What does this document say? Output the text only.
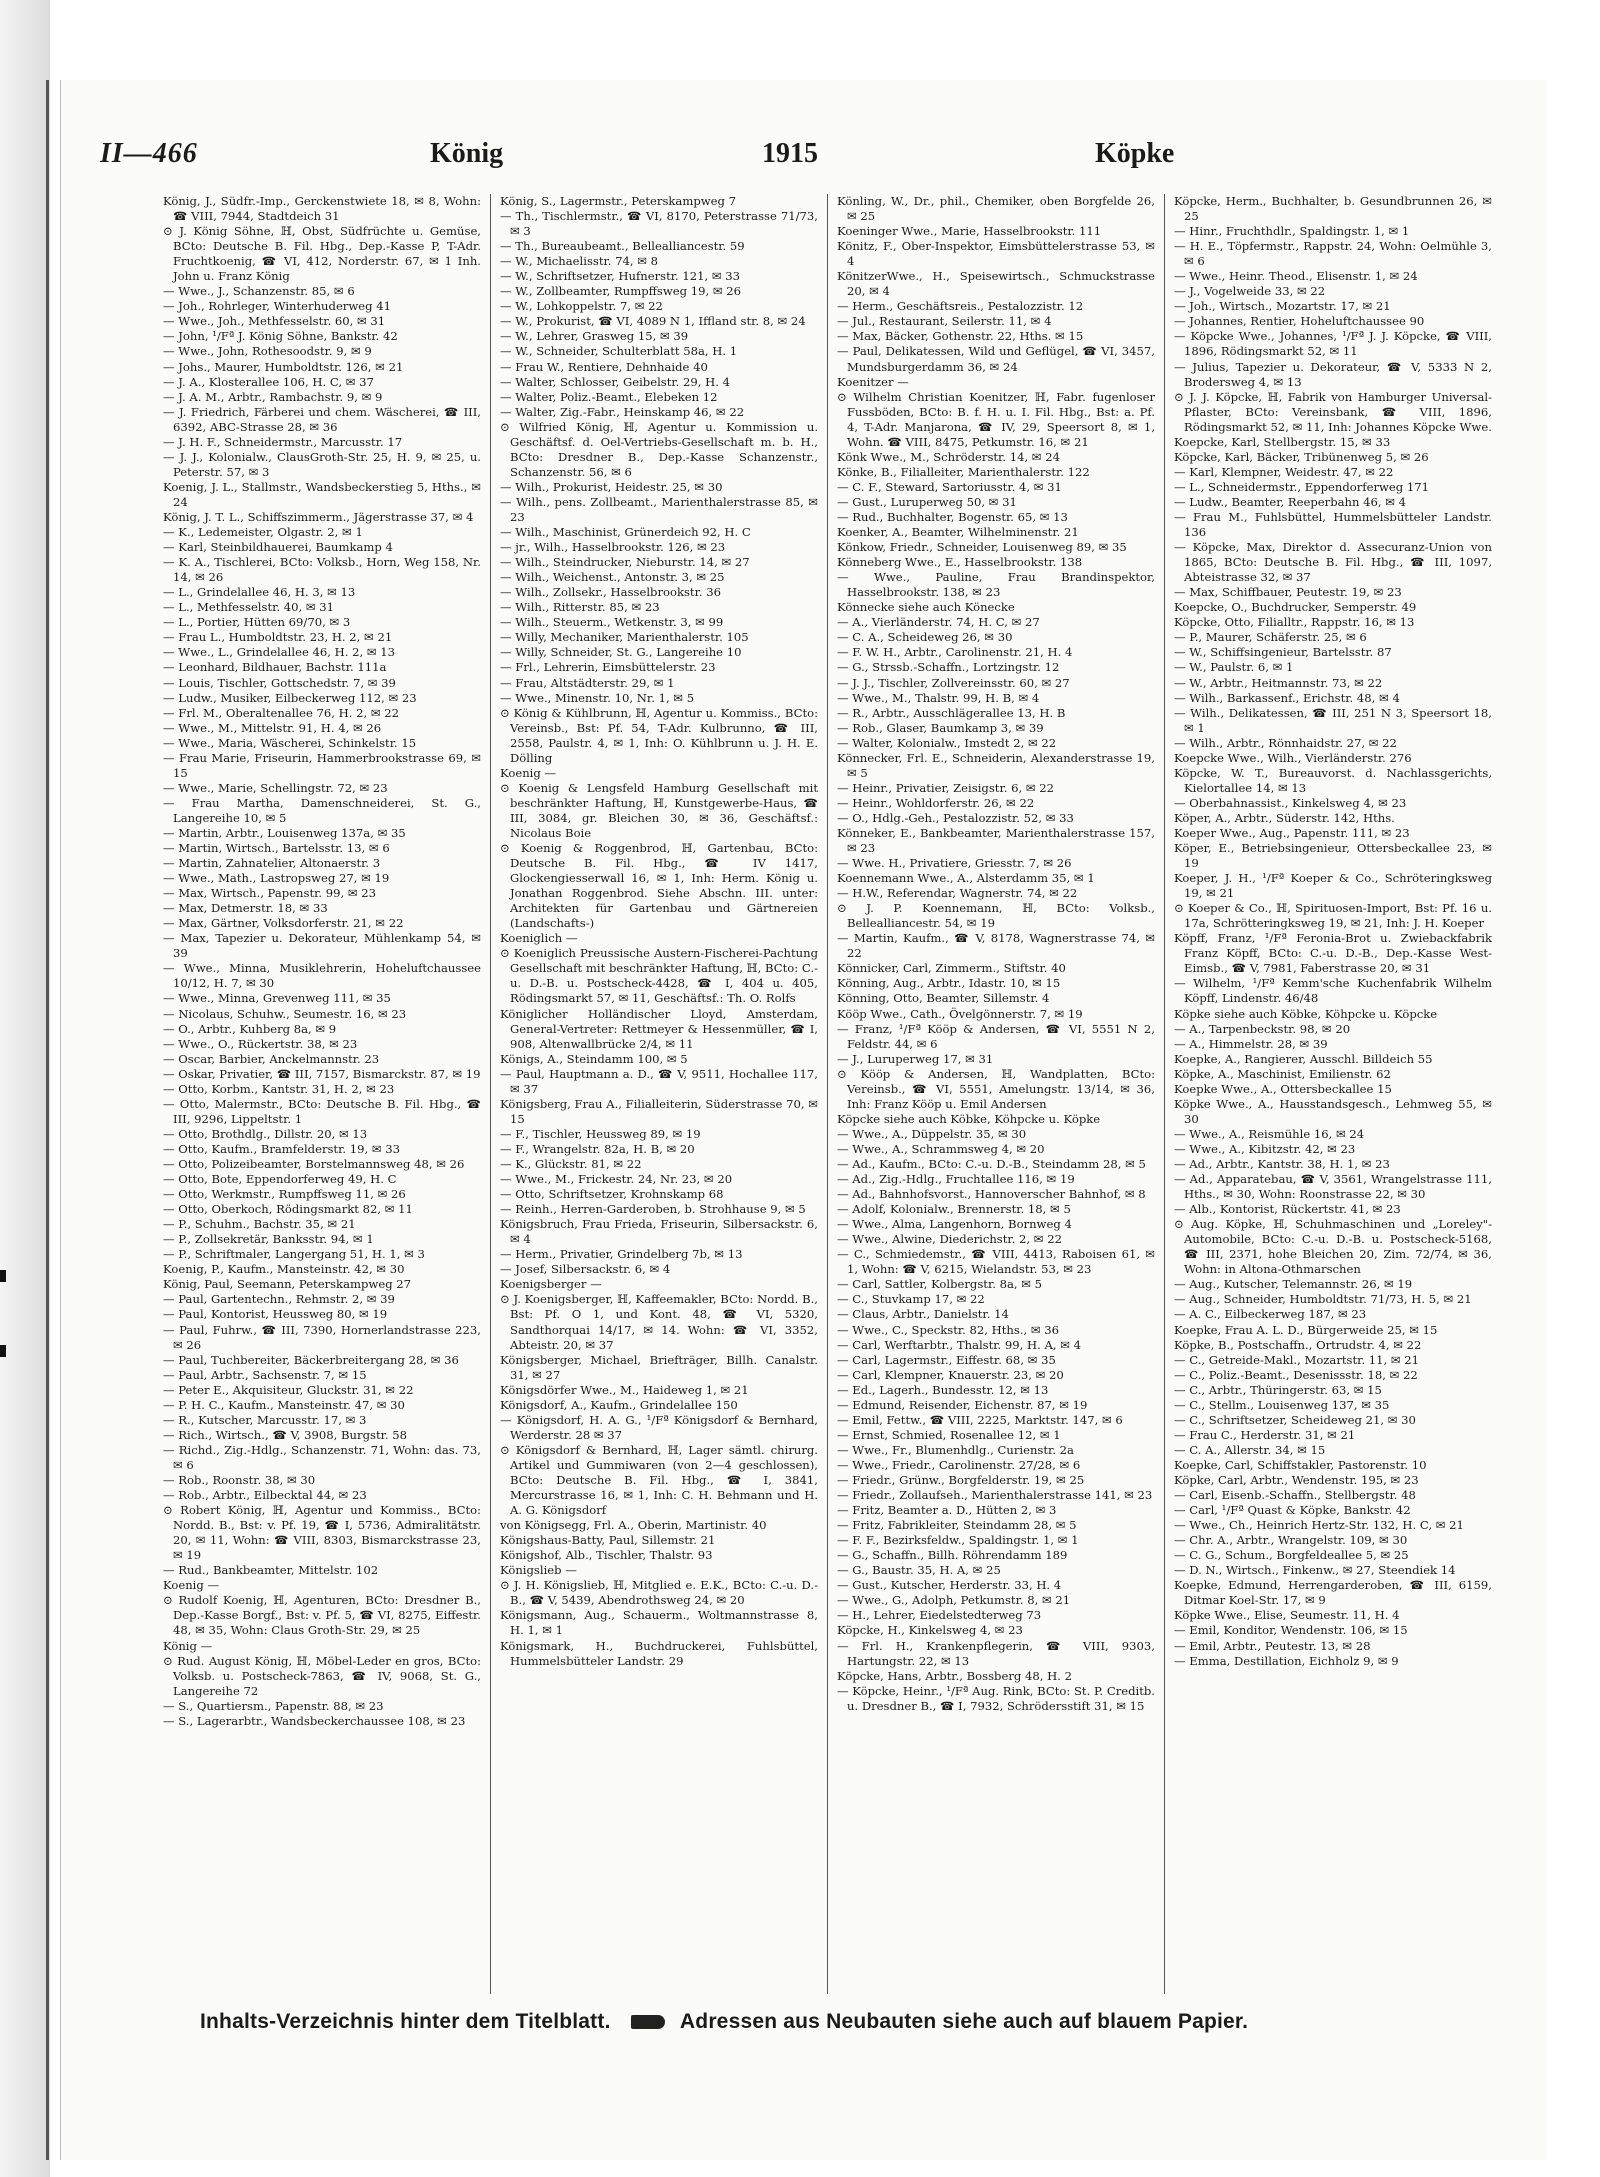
II—466	König	1915	Köpke

König, J., Südfr.-Imp., Gerckenstwiete 18, ✉ 8, Wohn: ☎ VIII, 7944, Stadtdeich 31

⊙ J. König Söhne, ℍ, Obst, Südfrüchte u. Gemüse, BCto: Deutsche B. Fil. Hbg., Dep.-Kasse P, T-Adr. Fruchtkoenig, ☎ VI, 412, Norderstr. 67, ✉ 1 Inh. John u. Franz König

— Wwe., J., Schanzenstr. 85, ✉ 6

— Joh., Rohrleger, Winterhuderweg 41

— Wwe., Joh., Methfesselstr. 60, ✉ 31

— John, ¹/Fª J. König Söhne, Bankstr. 42

— Wwe., John, Rothesoodstr. 9, ✉ 9

— Johs., Maurer, Humboldtstr. 126, ✉ 21

— J. A., Klosterallee 106, H. C, ✉ 37

— J. A. M., Arbtr., Rambachstr. 9, ✉ 9

— J. Friedrich, Färberei und chem. Wäscherei, ☎ III, 6392, ABC-Strasse 28, ✉ 36

— J. H. F., Schneidermstr., Marcusstr. 17

— J. J., Kolonialw., ClausGroth-Str. 25, H. 9, ✉ 25, u. Peterstr. 57, ✉ 3

Koenig, J. L., Stallmstr., Wandsbeckerstieg 5, Hths., ✉ 24

König, J. T. L., Schiffszimmerm., Jägerstrasse 37, ✉ 4

— K., Ledemeister, Olgastr. 2, ✉ 1

— Karl, Steinbildhauerei, Baumkamp 4

— K. A., Tischlerei, BCto: Volksb., Horn, Weg 158, Nr. 14, ✉ 26

— L., Grindelallee 46, H. 3, ✉ 13

— L., Methfesselstr. 40, ✉ 31

— L., Portier, Hütten 69/70, ✉ 3

— Frau L., Humboldtstr. 23, H. 2, ✉ 21

— Wwe., L., Grindelallee 46, H. 2, ✉ 13

— Leonhard, Bildhauer, Bachstr. 111a

— Louis, Tischler, Gottschedstr. 7, ✉ 39

— Ludw., Musiker, Eilbeckerweg 112, ✉ 23

— Frl. M., Oberaltenallee 76, H. 2, ✉ 22

— Wwe., M., Mittelstr. 91, H. 4, ✉ 26

— Wwe., Maria, Wäscherei, Schinkelstr. 15

— Frau Marie, Friseurin, Hammerbrookstrasse 69, ✉ 15

— Wwe., Marie, Schellingstr. 72, ✉ 23

— Frau Martha, Damenschneiderei, St. G., Langereihe 10, ✉ 5

— Martin, Arbtr., Louisenweg 137a, ✉ 35

— Martin, Wirtsch., Bartelsstr. 13, ✉ 6

— Martin, Zahnatelier, Altonaerstr. 3

— Wwe., Math., Lastropsweg 27, ✉ 19

— Max, Wirtsch., Papenstr. 99, ✉ 23

— Max, Detmerstr. 18, ✉ 33

— Max, Gärtner, Volksdorferstr. 21, ✉ 22

— Max, Tapezier u. Dekorateur, Mühlenkamp 54, ✉ 39

— Wwe., Minna, Musiklehrerin, Hoheluftchaussee 10/12, H. 7, ✉ 30

— Wwe., Minna, Grevenweg 111, ✉ 35

— Nicolaus, Schuhw., Seumestr. 16, ✉ 23

— O., Arbtr., Kuhberg 8a, ✉ 9

— Wwe., O., Rückertstr. 38, ✉ 23

— Oscar, Barbier, Anckelmannstr. 23

— Oskar, Privatier, ☎ III, 7157, Bismarckstr. 87, ✉ 19

— Otto, Korbm., Kantstr. 31, H. 2, ✉ 23

— Otto, Malermstr., BCto: Deutsche B. Fil. Hbg., ☎ III, 9296, Lippeltstr. 1

— Otto, Brothdlg., Dillstr. 20, ✉ 13

— Otto, Kaufm., Bramfelderstr. 19, ✉ 33

— Otto, Polizeibeamter, Borstelmannsweg 48, ✉ 26

— Otto, Bote, Eppendorferweg 49, H. C

— Otto, Werkmstr., Rumpffsweg 11, ✉ 26

— Otto, Oberkoch, Rödingsmarkt 82, ✉ 11

— P., Schuhm., Bachstr. 35, ✉ 21

— P., Zollsekretär, Banksstr. 94, ✉ 1

— P., Schriftmaler, Langergang 51, H. 1, ✉ 3

Koenig, P., Kaufm., Mansteinstr. 42, ✉ 30

König, Paul, Seemann, Peterskampweg 27

— Paul, Gartentechn., Rehmstr. 2, ✉ 39

— Paul, Kontorist, Heussweg 80, ✉ 19

— Paul, Fuhrw., ☎ III, 7390, Hornerlandstrasse 223, ✉ 26

— Paul, Tuchbereiter, Bäckerbreitergang 28, ✉ 36

— Paul, Arbtr., Sachsenstr. 7, ✉ 15

— Peter E., Akquisiteur, Gluckstr. 31, ✉ 22

— P. H. C., Kaufm., Mansteinstr. 47, ✉ 30

— R., Kutscher, Marcusstr. 17, ✉ 3

— Rich., Wirtsch., ☎ V, 3908, Burgstr. 58

— Richd., Zig.-Hdlg., Schanzenstr. 71, Wohn: das. 73, ✉ 6

— Rob., Roonstr. 38, ✉ 30

— Rob., Arbtr., Eilbecktal 44, ✉ 23

⊙ Robert König, ℍ, Agentur und Kommiss., BCto: Nordd. B., Bst: v. Pf. 19, ☎ I, 5736, Admiralitätstr. 20, ✉ 11, Wohn: ☎ VIII, 8303, Bismarckstrasse 23, ✉ 19

— Rud., Bankbeamter, Mittelstr. 102

Koenig —

⊙ Rudolf Koenig, ℍ, Agenturen, BCto: Dresdner B., Dep.-Kasse Borgf., Bst: v. Pf. 5, ☎ VI, 8275, Eiffestr. 48, ✉ 35, Wohn: Claus Groth-Str. 29, ✉ 25

König —

⊙ Rud. August König, ℍ, Möbel-Leder en gros, BCto: Volksb. u. Postscheck-7863, ☎ IV, 9068, St. G., Langereihe 72

— S., Quartiersm., Papenstr. 88, ✉ 23

— S., Lagerarbtr., Wandsbeckerchaussee 108, ✉ 23

König, S., Lagermstr., Peterskampweg 7

— Th., Tischlermstr., ☎ VI, 8170, Peterstrasse 71/73, ✉ 3

— Th., Bureaubeamt., Bellealliancestr. 59

— W., Michaelisstr. 74, ✉ 8

— W., Schriftsetzer, Hufnerstr. 121, ✉ 33

— W., Zollbeamter, Rumpffsweg 19, ✉ 26

— W., Lohkoppelstr. 7, ✉ 22

— W., Prokurist, ☎ VI, 4089 N 1, Iffland str. 8, ✉ 24

— W., Lehrer, Grasweg 15, ✉ 39

— W., Schneider, Schulterblatt 58a, H. 1

— Frau W., Rentiere, Dehnhaide 40

— Walter, Schlosser, Geibelstr. 29, H. 4

— Walter, Poliz.-Beamt., Elebeken 12

— Walter, Zig.-Fabr., Heinskamp 46, ✉ 22

⊙ Wilfried König, ℍ, Agentur u. Kommission u. Geschäftsf. d. Oel-Vertriebs-Gesellschaft m. b. H., BCto: Dresdner B., Dep.-Kasse Schanzenstr., Schanzenstr. 56, ✉ 6

— Wilh., Prokurist, Heidestr. 25, ✉ 30

— Wilh., pens. Zollbeamt., Marienthalerstrasse 85, ✉ 23

— Wilh., Maschinist, Grünerdeich 92, H. C

— jr., Wilh., Hasselbrookstr. 126, ✉ 23

— Wilh., Steindrucker, Nieburstr. 14, ✉ 27

— Wilh., Weichenst., Antonstr. 3, ✉ 25

— Wilh., Zollsekr., Hasselbrookstr. 36

— Wilh., Ritterstr. 85, ✉ 23

— Wilh., Steuerm., Wetkenstr. 3, ✉ 99

— Willy, Mechaniker, Marienthalerstr. 105

— Willy, Schneider, St. G., Langereihe 10

— Frl., Lehrerin, Eimsbüttelerstr. 23

— Frau, Altstädterstr. 29, ✉ 1

— Wwe., Minenstr. 10, Nr. 1, ✉ 5

⊙ König & Kühlbrunn, ℍ, Agentur u. Kommiss., BCto: Vereinsb., Bst: Pf. 54, T-Adr. Kulbrunno, ☎ III, 2558, Paulstr. 4, ✉ 1, Inh: O. Kühlbrunn u. J. H. E. Dölling

Koenig —

⊙ Koenig & Lengsfeld Hamburg Gesellschaft mit beschränkter Haftung, ℍ, Kunstgewerbe-Haus, ☎ III, 3084, gr. Bleichen 30, ✉ 36, Geschäftsf.: Nicolaus Boie

⊙ Koenig & Roggenbrod, ℍ, Gartenbau, BCto: Deutsche B. Fil. Hbg., ☎ IV 1417, Glockengiesserwall 16, ✉ 1, Inh: Herm. König u. Jonathan Roggenbrod. Siehe Abschn. III. unter: Architekten für Gartenbau und Gärtnereien (Landschafts-)

Koeniglich —

⊙ Koeniglich Preussische Austern-Fischerei-Pachtung Gesellschaft mit beschränkter Haftung, ℍ, BCto: C.-u. D.-B. u. Postscheck-4428, ☎ I, 404 u. 405, Rödingsmarkt 57, ✉ 11, Geschäftsf.: Th. O. Rolfs

Königlicher Holländischer Lloyd, Amsterdam, General-Vertreter: Rettmeyer & Hessenmüller, ☎ I, 908, Altenwallbrücke 2/4, ✉ 11

Königs, A., Steindamm 100, ✉ 5

— Paul, Hauptmann a. D., ☎ V, 9511, Hochallee 117, ✉ 37

Königsberg, Frau A., Filialleiterin, Süderstrasse 70, ✉ 15

— F., Tischler, Heussweg 89, ✉ 19

— F., Wrangelstr. 82a, H. B, ✉ 20

— K., Glückstr. 81, ✉ 22

— Wwe., M., Frickestr. 24, Nr. 23, ✉ 20

— Otto, Schriftsetzer, Krohnskamp 68

— Reinh., Herren-Garderoben, b. Strohhause 9, ✉ 5

Königsbruch, Frau Frieda, Friseurin, Silbersackstr. 6, ✉ 4

— Herm., Privatier, Grindelberg 7b, ✉ 13

— Josef, Silbersackstr. 6, ✉ 4

Koenigsberger —

⊙ J. Koenigsberger, ℍ, Kaffeemakler, BCto: Nordd. B., Bst: Pf. O 1, und Kont. 48, ☎ VI, 5320, Sandthorquai 14/17, ✉ 14. Wohn: ☎ VI, 3352, Abteistr. 20, ✉ 37

Königsberger, Michael, Briefträger, Billh. Canalstr. 31, ✉ 27

Königsdörfer Wwe., M., Haideweg 1, ✉ 21

Königsdorf, A., Kaufm., Grindelallee 150

— Königsdorf, H. A. G., ¹/Fª Königsdorf & Bernhard, Werderstr. 28 ✉ 37

⊙ Königsdorf & Bernhard, ℍ, Lager sämtl. chirurg. Artikel und Gummiwaren (von 2—4 geschlossen), BCto: Deutsche B. Fil. Hbg., ☎ I, 3841, Mercurstrasse 16, ✉ 1, Inh: C. H. Behmann und H. A. G. Königsdorf

von Königsegg, Frl. A., Oberin, Martinistr. 40

Königshaus-Batty, Paul, Sillemstr. 21

Königshof, Alb., Tischler, Thalstr. 93

Königslieb —

⊙ J. H. Königslieb, ℍ, Mitglied e. E.K., BCto: C.-u. D.-B., ☎ V, 5439, Abendrothsweg 24, ✉ 20

Königsmann, Aug., Schauerm., Woltmannstrasse 8, H. 1, ✉ 1

Königsmark, H., Buchdruckerei, Fuhlsbüttel, Hummelsbütteler Landstr. 29

Könling, W., Dr., phil., Chemiker, oben Borgfelde 26, ✉ 25

Koeninger Wwe., Marie, Hasselbrookstr. 111

Könitz, F., Ober-Inspektor, Eimsbüttelerstrasse 53, ✉ 4

KönitzerWwe., H., Speisewirtsch., Schmuckstrasse 20, ✉ 4

— Herm., Geschäftsreis., Pestalozzistr. 12

— Jul., Restaurant, Seilerstr. 11, ✉ 4

— Max, Bäcker, Gothenstr. 22, Hths. ✉ 15

— Paul, Delikatessen, Wild und Geflügel, ☎ VI, 3457, Mundsburgerdamm 36, ✉ 24

Koenitzer —

⊙ Wilhelm Christian Koenitzer, ℍ, Fabr. fugenloser Fussböden, BCto: B. f. H. u. I. Fil. Hbg., Bst: a. Pf. 4, T-Adr. Manjarona, ☎ IV, 29, Speersort 8, ✉ 1, Wohn. ☎ VIII, 8475, Petkumstr. 16, ✉ 21

Könk Wwe., M., Schröderstr. 14, ✉ 24

Könke, B., Filialleiter, Marienthalerstr. 122

— C. F., Steward, Sartoriusstr. 4, ✉ 31

— Gust., Luruperweg 50, ✉ 31

— Rud., Buchhalter, Bogenstr. 65, ✉ 13

Koenker, A., Beamter, Wilhelminenstr. 21

Könkow, Friedr., Schneider, Louisenweg 89, ✉ 35

Könneberg Wwe., E., Hasselbrookstr. 138

— Wwe., Pauline, Frau Brandinspektor, Hasselbrookstr. 138, ✉ 23

Könnecke siehe auch Könecke

— A., Vierländerstr. 74, H. C, ✉ 27

— C. A., Scheideweg 26, ✉ 30

— F. W. H., Arbtr., Carolinenstr. 21, H. 4

— G., Strssb.-Schaffn., Lortzingstr. 12

— J. J., Tischler, Zollvereinsstr. 60, ✉ 27

— Wwe., M., Thalstr. 99, H. B, ✉ 4

— R., Arbtr., Ausschlägerallee 13, H. B

— Rob., Glaser, Baumkamp 3, ✉ 39

— Walter, Kolonialw., Imstedt 2, ✉ 22

Könnecker, Frl. E., Schneiderin, Alexanderstrasse 19, ✉ 5

— Heinr., Privatier, Zeisigstr. 6, ✉ 22

— Heinr., Wohldorferstr. 26, ✉ 22

— O., Hdlg.-Geh., Pestalozzistr. 52, ✉ 33

Könneker, E., Bankbeamter, Marienthalerstrasse 157, ✉ 23

— Wwe. H., Privatiere, Griesstr. 7, ✉ 26

Koennemann Wwe., A., Alsterdamm 35, ✉ 1

— H.W., Referendar, Wagnerstr. 74, ✉ 22

⊙ J. P. Koennemann, ℍ, BCto: Volksb., Bellealliancestr. 54, ✉ 19

— Martin, Kaufm., ☎ V, 8178, Wagnerstrasse 74, ✉ 22

Könnicker, Carl, Zimmerm., Stiftstr. 40

Könning, Aug., Arbtr., Idastr. 10, ✉ 15

Könning, Otto, Beamter, Sillemstr. 4

Kööp Wwe., Cath., Övelgönnerstr. 7, ✉ 19

— Franz, ¹/Fª Kööp & Andersen, ☎ VI, 5551 N 2, Feldstr. 44, ✉ 6

— J., Luruperweg 17, ✉ 31

⊙ Kööp & Andersen, ℍ, Wandplatten, BCto: Vereinsb., ☎ VI, 5551, Amelungstr. 13/14, ✉ 36, Inh: Franz Kööp u. Emil Andersen

Köpcke siehe auch Köbke, Köhpcke u. Köpke

— Wwe., A., Düppelstr. 35, ✉ 30

— Wwe., A., Schrammsweg 4, ✉ 20

— Ad., Kaufm., BCto: C.-u. D.-B., Steindamm 28, ✉ 5

— Ad., Zig.-Hdlg., Fruchtallee 116, ✉ 19

— Ad., Bahnhofsvorst., Hannoverscher Bahnhof, ✉ 8

— Adolf, Kolonialw., Brennerstr. 18, ✉ 5

— Wwe., Alma, Langenhorn, Bornweg 4

— Wwe., Alwine, Diederichstr. 2, ✉ 22

— C., Schmiedemstr., ☎ VIII, 4413, Raboisen 61, ✉ 1, Wohn: ☎ V, 6215, Wielandstr. 53, ✉ 23

— Carl, Sattler, Kolbergstr. 8a, ✉ 5

— C., Stuvkamp 17, ✉ 22

— Claus, Arbtr., Danielstr. 14

— Wwe., C., Speckstr. 82, Hths., ✉ 36

— Carl, Werftarbtr., Thalstr. 99, H. A, ✉ 4

— Carl, Lagermstr., Eiffestr. 68, ✉ 35

— Carl, Klempner, Knauerstr. 23, ✉ 20

— Ed., Lagerh., Bundesstr. 12, ✉ 13

— Edmund, Reisender, Eichenstr. 87, ✉ 19

— Emil, Fettw., ☎ VIII, 2225, Marktstr. 147, ✉ 6

— Ernst, Schmied, Rosenallee 12, ✉ 1

— Wwe., Fr., Blumenhdlg., Curienstr. 2a

— Wwe., Friedr., Carolinenstr. 27/28, ✉ 6

— Friedr., Grünw., Borgfelderstr. 19, ✉ 25

— Friedr., Zollaufseh., Marienthalerstrasse 141, ✉ 23

— Fritz, Beamter a. D., Hütten 2, ✉ 3

— Fritz, Fabrikleiter, Steindamm 28, ✉ 5

— F. F., Bezirksfeldw., Spaldingstr. 1, ✉ 1

— G., Schaffn., Billh. Röhrendamm 189

— G., Baustr. 35, H. A, ✉ 25

— Gust., Kutscher, Herderstr. 33, H. 4

— Wwe., G., Adolph, Petkumstr. 8, ✉ 21

— H., Lehrer, Eiedelstedterweg 73

Köpcke, H., Kinkelsweg 4, ✉ 23

— Frl. H., Krankenpflegerin, ☎ VIII, 9303, Hartungstr. 22, ✉ 13

Köpcke, Hans, Arbtr., Bossberg 48, H. 2

— Köpcke, Heinr., ¹/Fª Aug. Rink, BCto: St. P. Creditb. u. Dresdner B., ☎ I, 7932, Schrödersstift 31, ✉ 15

Köpcke, Herm., Buchhalter, b. Gesundbrunnen 26, ✉ 25

— Hinr., Fruchthdlr., Spaldingstr. 1, ✉ 1

— H. E., Töpfermstr., Rappstr. 24, Wohn: Oelmühle 3, ✉ 6

— Wwe., Heinr. Theod., Elisenstr. 1, ✉ 24

— J., Vogelweide 33, ✉ 22

— Joh., Wirtsch., Mozartstr. 17, ✉ 21

— Johannes, Rentier, Hoheluftchaussee 90

— Köpcke Wwe., Johannes, ¹/Fª J. J. Köpcke, ☎ VIII, 1896, Rödingsmarkt 52, ✉ 11

— Julius, Tapezier u. Dekorateur, ☎ V, 5333 N 2, Brodersweg 4, ✉ 13

⊙ J. J. Köpcke, ℍ, Fabrik von Hamburger Universal-Pflaster, BCto: Vereinsbank, ☎ VIII, 1896, Rödingsmarkt 52, ✉ 11, Inh: Johannes Köpcke Wwe.

Koepcke, Karl, Stellbergstr. 15, ✉ 33

Köpcke, Karl, Bäcker, Tribünenweg 5, ✉ 26

— Karl, Klempner, Weidestr. 47, ✉ 22

— L., Schneidermstr., Eppendorferweg 171

— Ludw., Beamter, Reeperbahn 46, ✉ 4

— Frau M., Fuhlsbüttel, Hummelsbütteler Landstr. 136

— Köpcke, Max, Direktor d. Assecuranz-Union von 1865, BCto: Deutsche B. Fil. Hbg., ☎ III, 1097, Abteistrasse 32, ✉ 37

— Max, Schiffbauer, Peutestr. 19, ✉ 23

Koepcke, O., Buchdrucker, Semperstr. 49

Köpcke, Otto, Filialltr., Rappstr. 16, ✉ 13

— P., Maurer, Schäferstr. 25, ✉ 6

— W., Schiffsingenieur, Bartelsstr. 87

— W., Paulstr. 6, ✉ 1

— W., Arbtr., Heitmannstr. 73, ✉ 22

— Wilh., Barkassenf., Erichstr. 48, ✉ 4

— Wilh., Delikatessen, ☎ III, 251 N 3, Speersort 18, ✉ 1

— Wilh., Arbtr., Rönnhaidstr. 27, ✉ 22

Koepcke Wwe., Wilh., Vierländerstr. 276

Köpcke, W. T., Bureauvorst. d. Nachlassgerichts, Kielortallee 14, ✉ 13

— Oberbahnassist., Kinkelsweg 4, ✉ 23

Köper, A., Arbtr., Süderstr. 142, Hths.

Koeper Wwe., Aug., Papenstr. 111, ✉ 23

Köper, E., Betriebsingenieur, Ottersbeckallee 23, ✉ 19

Koeper, J. H., ¹/Fª Koeper & Co., Schröteringksweg 19, ✉ 21

⊙ Koeper & Co., ℍ, Spirituosen-Import, Bst: Pf. 16 u. 17a, Schrötteringksweg 19, ✉ 21, Inh: J. H. Koeper

Köpff, Franz, ¹/Fª Feronia-Brot u. Zwiebackfabrik Franz Köpff, BCto: C.-u. D.-B., Dep.-Kasse West-Eimsb., ☎ V, 7981, Faberstrasse 20, ✉ 31

— Wilhelm, ¹/Fª Kemm'sche Kuchenfabrik Wilhelm Köpff, Lindenstr. 46/48

Köpke siehe auch Köbke, Köhpcke u. Köpcke

— A., Tarpenbeckstr. 98, ✉ 20

— A., Himmelstr. 28, ✉ 39

Koepke, A., Rangierer, Ausschl. Billdeich 55

Köpke, A., Maschinist, Emilienstr. 62

Koepke Wwe., A., Ottersbeckallee 15

Köpke Wwe., A., Hausstandsgesch., Lehmweg 55, ✉ 30

— Wwe., A., Reismühle 16, ✉ 24

— Wwe., A., Kibitzstr. 42, ✉ 23

— Ad., Arbtr., Kantstr. 38, H. 1, ✉ 23

— Ad., Apparatebau, ☎ V, 3561, Wrangelstrasse 111, Hths., ✉ 30, Wohn: Roonstrasse 22, ✉ 30

— Alb., Kontorist, Rückertstr. 41, ✉ 23

⊙ Aug. Köpke, ℍ, Schuhmaschinen und „Loreley"-Automobile, BCto: C.-u. D.-B. u. Postscheck-5168, ☎ III, 2371, hohe Bleichen 20, Zim. 72/74, ✉ 36, Wohn: in Altona-Othmarschen

— Aug., Kutscher, Telemannstr. 26, ✉ 19

— Aug., Schneider, Humboldtstr. 71/73, H. 5, ✉ 21

— A. C., Eilbeckerweg 187, ✉ 23

Koepke, Frau A. L. D., Bürgerweide 25, ✉ 15

Köpke, B., Postschaffn., Ortrudstr. 4, ✉ 22

— C., Getreide-Makl., Mozartstr. 11, ✉ 21

— C., Poliz.-Beamt., Desenissstr. 18, ✉ 22

— C., Arbtr., Thüringerstr. 63, ✉ 15

— C., Stellm., Louisenweg 137, ✉ 35

— C., Schriftsetzer, Scheideweg 21, ✉ 30

— Frau C., Herderstr. 31, ✉ 21

— C. A., Allerstr. 34, ✉ 15

Koepke, Carl, Schiffstakler, Pastorenstr. 10

Köpke, Carl, Arbtr., Wendenstr. 195, ✉ 23

— Carl, Eisenb.-Schaffn., Stellbergstr. 48

— Carl, ¹/Fª Quast & Köpke, Bankstr. 42

— Wwe., Ch., Heinrich Hertz-Str. 132, H. C, ✉ 21

— Chr. A., Arbtr., Wrangelstr. 109, ✉ 30

— C. G., Schum., Borgfeldeallee 5, ✉ 25

— D. N., Wirtsch., Finkenw., ✉ 27, Steendiek 14

Koepke, Edmund, Herrengarderoben, ☎ III, 6159, Ditmar Koel-Str. 17, ✉ 9

Köpke Wwe., Elise, Seumestr. 11, H. 4

— Emil, Konditor, Wendenstr. 106, ✉ 15

— Emil, Arbtr., Peutestr. 13, ✉ 28

— Emma, Destillation, Eichholz 9, ✉ 9

Inhalts-Verzeichnis hinter dem Titelblatt.	Adressen aus Neubauten siehe auch auf blauem Papier.
